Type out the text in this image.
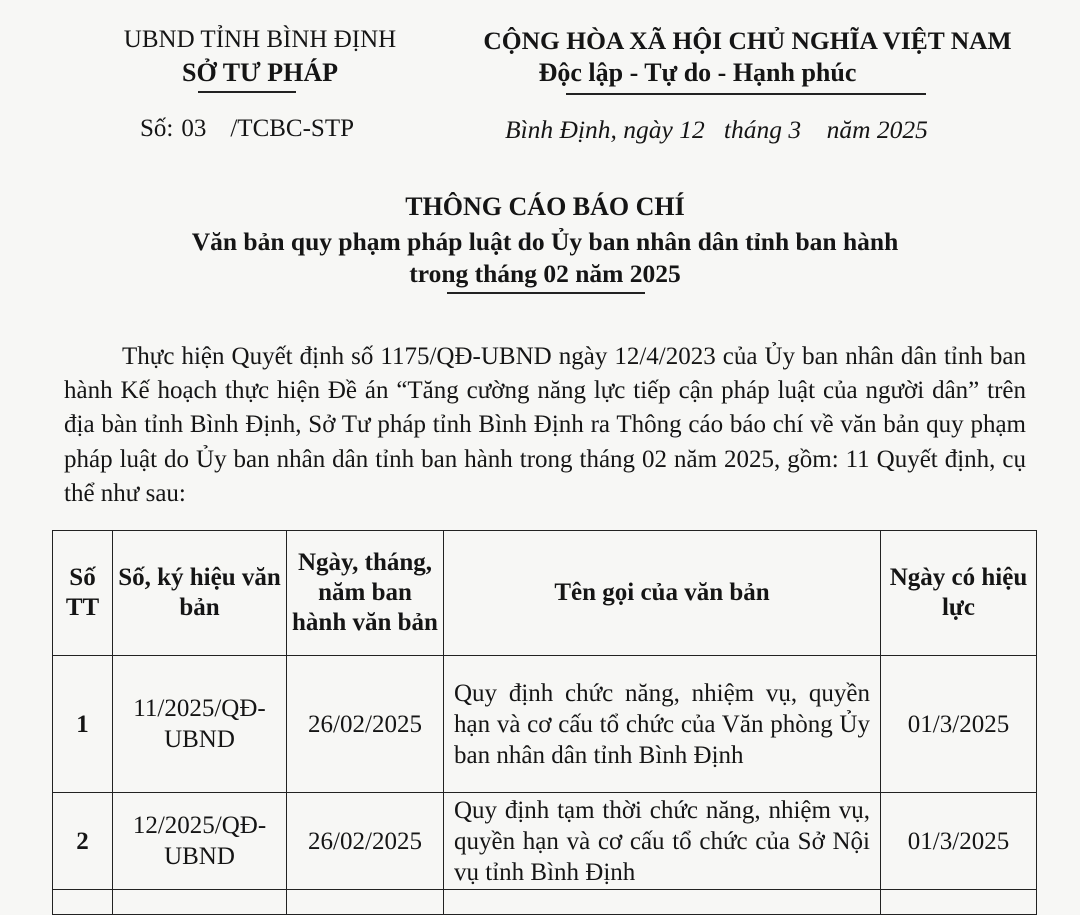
UBND TỈNH BÌNH ĐỊNH
SỞ TƯ PHÁP
CỘNG HÒA XÃ HỘI CHỦ NGHĨA VIỆT NAM
Độc lập - Tự do - Hạnh phúc
Số: 03 /TCBC-STP	Bình Định, ngày 12   tháng 3    năm 2025
THÔNG CÁO BÁO CHÍ
Văn bản quy phạm pháp luật do Ủy ban nhân dân tỉnh ban hành
trong tháng 02 năm 2025
Thực hiện Quyết định số 1175/QĐ-UBND ngày 12/4/2023 của Ủy ban nhân dân tỉnh ban hành Kế hoạch thực hiện Đề án “Tăng cường năng lực tiếp cận pháp luật của người dân” trên địa bàn tỉnh Bình Định, Sở Tư pháp tỉnh Bình Định ra Thông cáo báo chí về văn bản quy phạm pháp luật do Ủy ban nhân dân tỉnh ban hành trong tháng 02 năm 2025, gồm: 11 Quyết định, cụ thể như sau:
Số TT	Số, ký hiệu văn bản	Ngày, tháng, năm ban hành văn bản	Tên gọi của văn bản	Ngày có hiệu lực
1	11/2025/QĐ-UBND	26/02/2025	Quy định chức năng, nhiệm vụ, quyền hạn và cơ cấu tổ chức của Văn phòng Ủy ban nhân dân tỉnh Bình Định	01/3/2025
2	12/2025/QĐ-UBND	26/02/2025	Quy định tạm thời chức năng, nhiệm vụ, quyền hạn và cơ cấu tổ chức của Sở Nội vụ tỉnh Bình Định	01/3/2025
